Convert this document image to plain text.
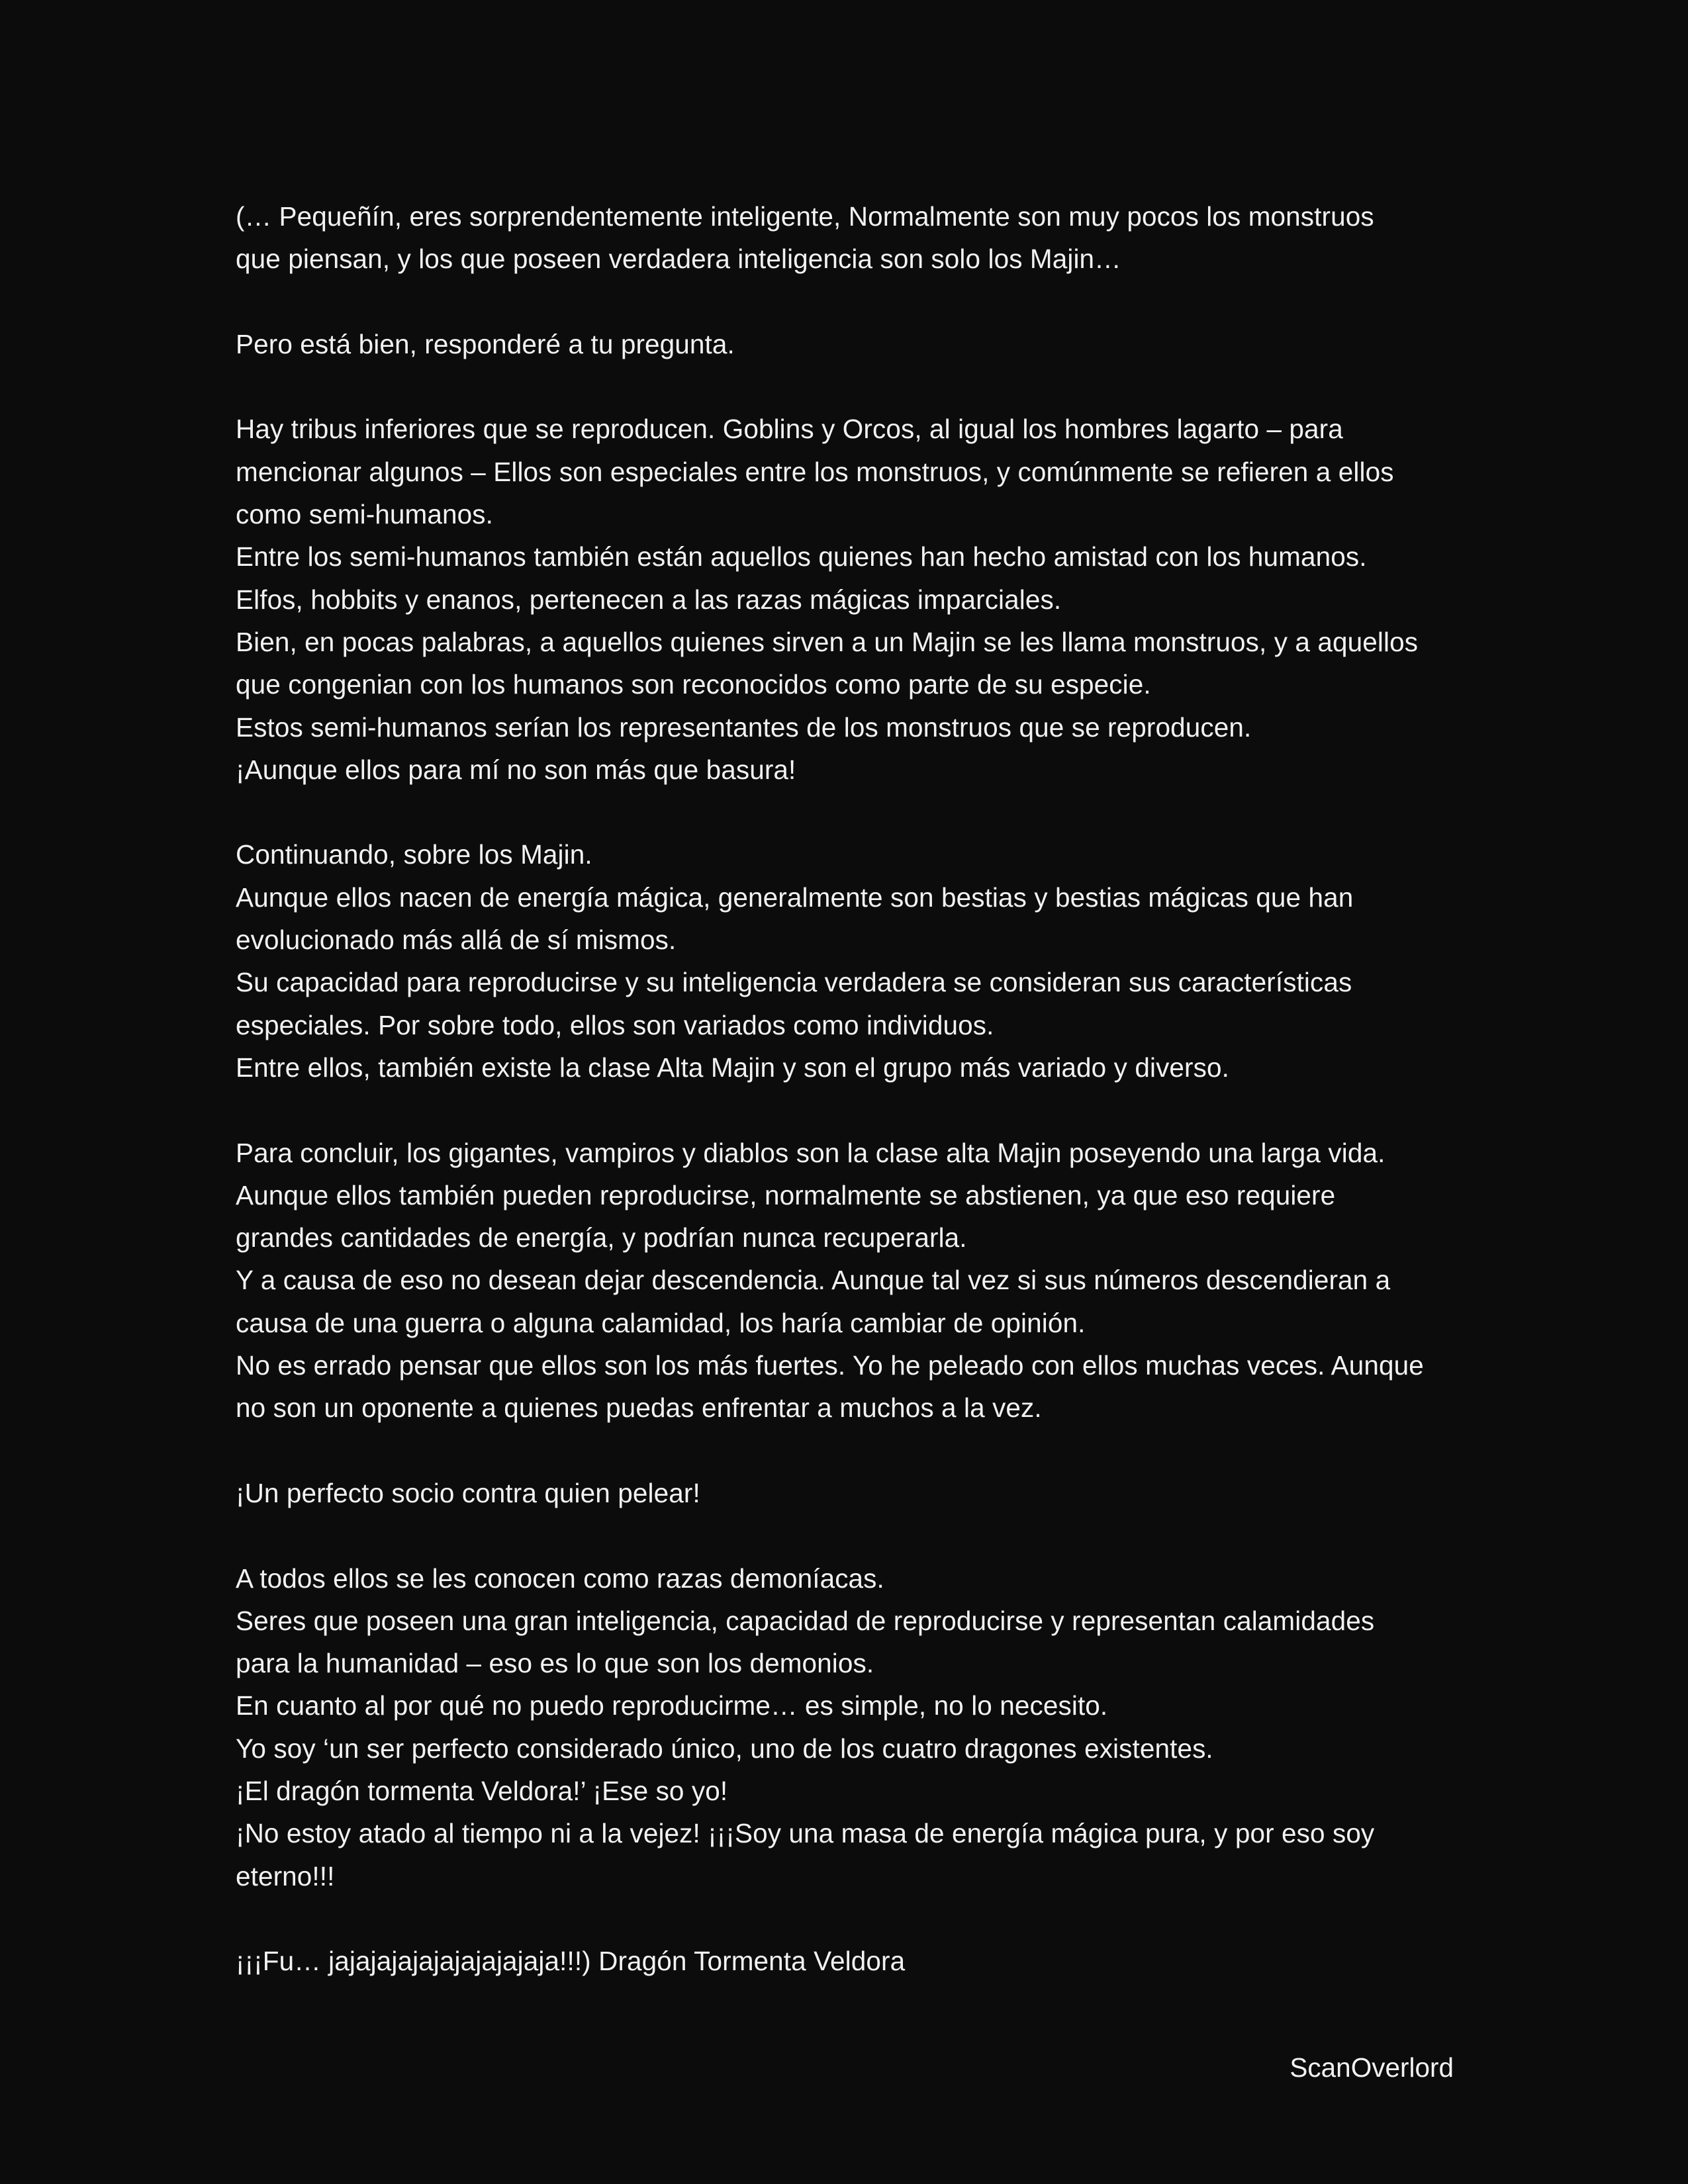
(… Pequeñín, eres sorprendentemente inteligente, Normalmente son muy pocos los monstruos
que piensan, y los que poseen verdadera inteligencia son solo los Majin…
Pero está bien, responderé a tu pregunta.
Hay tribus inferiores que se reproducen. Goblins y Orcos, al igual los hombres lagarto – para
mencionar algunos – Ellos son especiales entre los monstruos, y comúnmente se refieren a ellos
como semi-humanos.
Entre los semi-humanos también están aquellos quienes han hecho amistad con los humanos.
Elfos, hobbits y enanos, pertenecen a las razas mágicas imparciales.
Bien, en pocas palabras, a aquellos quienes sirven a un Majin se les llama monstruos, y a aquellos
que congenian con los humanos son reconocidos como parte de su especie.
Estos semi-humanos serían los representantes de los monstruos que se reproducen.
¡Aunque ellos para mí no son más que basura!
Continuando, sobre los Majin.
Aunque ellos nacen de energía mágica, generalmente son bestias y bestias mágicas que han
evolucionado más allá de sí mismos.
Su capacidad para reproducirse y su inteligencia verdadera se consideran sus características
especiales. Por sobre todo, ellos son variados como individuos.
Entre ellos, también existe la clase Alta Majin y son el grupo más variado y diverso.
Para concluir, los gigantes, vampiros y diablos son la clase alta Majin poseyendo una larga vida.
Aunque ellos también pueden reproducirse, normalmente se abstienen, ya que eso requiere
grandes cantidades de energía, y podrían nunca recuperarla.
Y a causa de eso no desean dejar descendencia. Aunque tal vez si sus números descendieran a
causa de una guerra o alguna calamidad, los haría cambiar de opinión.
No es errado pensar que ellos son los más fuertes. Yo he peleado con ellos muchas veces. Aunque
no son un oponente a quienes puedas enfrentar a muchos a la vez.
¡Un perfecto socio contra quien pelear!
A todos ellos se les conocen como razas demoníacas.
Seres que poseen una gran inteligencia, capacidad de reproducirse y representan calamidades
para la humanidad – eso es lo que son los demonios.
En cuanto al por qué no puedo reproducirme… es simple, no lo necesito.
Yo soy ‘un ser perfecto considerado único, uno de los cuatro dragones existentes.
¡El dragón tormenta Veldora!’ ¡Ese so yo!
¡No estoy atado al tiempo ni a la vejez! ¡¡¡Soy una masa de energía mágica pura, y por eso soy
eterno!!!
¡¡¡Fu… jajajajajajajajajajaja!!!) Dragón Tormenta Veldora
ScanOverlord
